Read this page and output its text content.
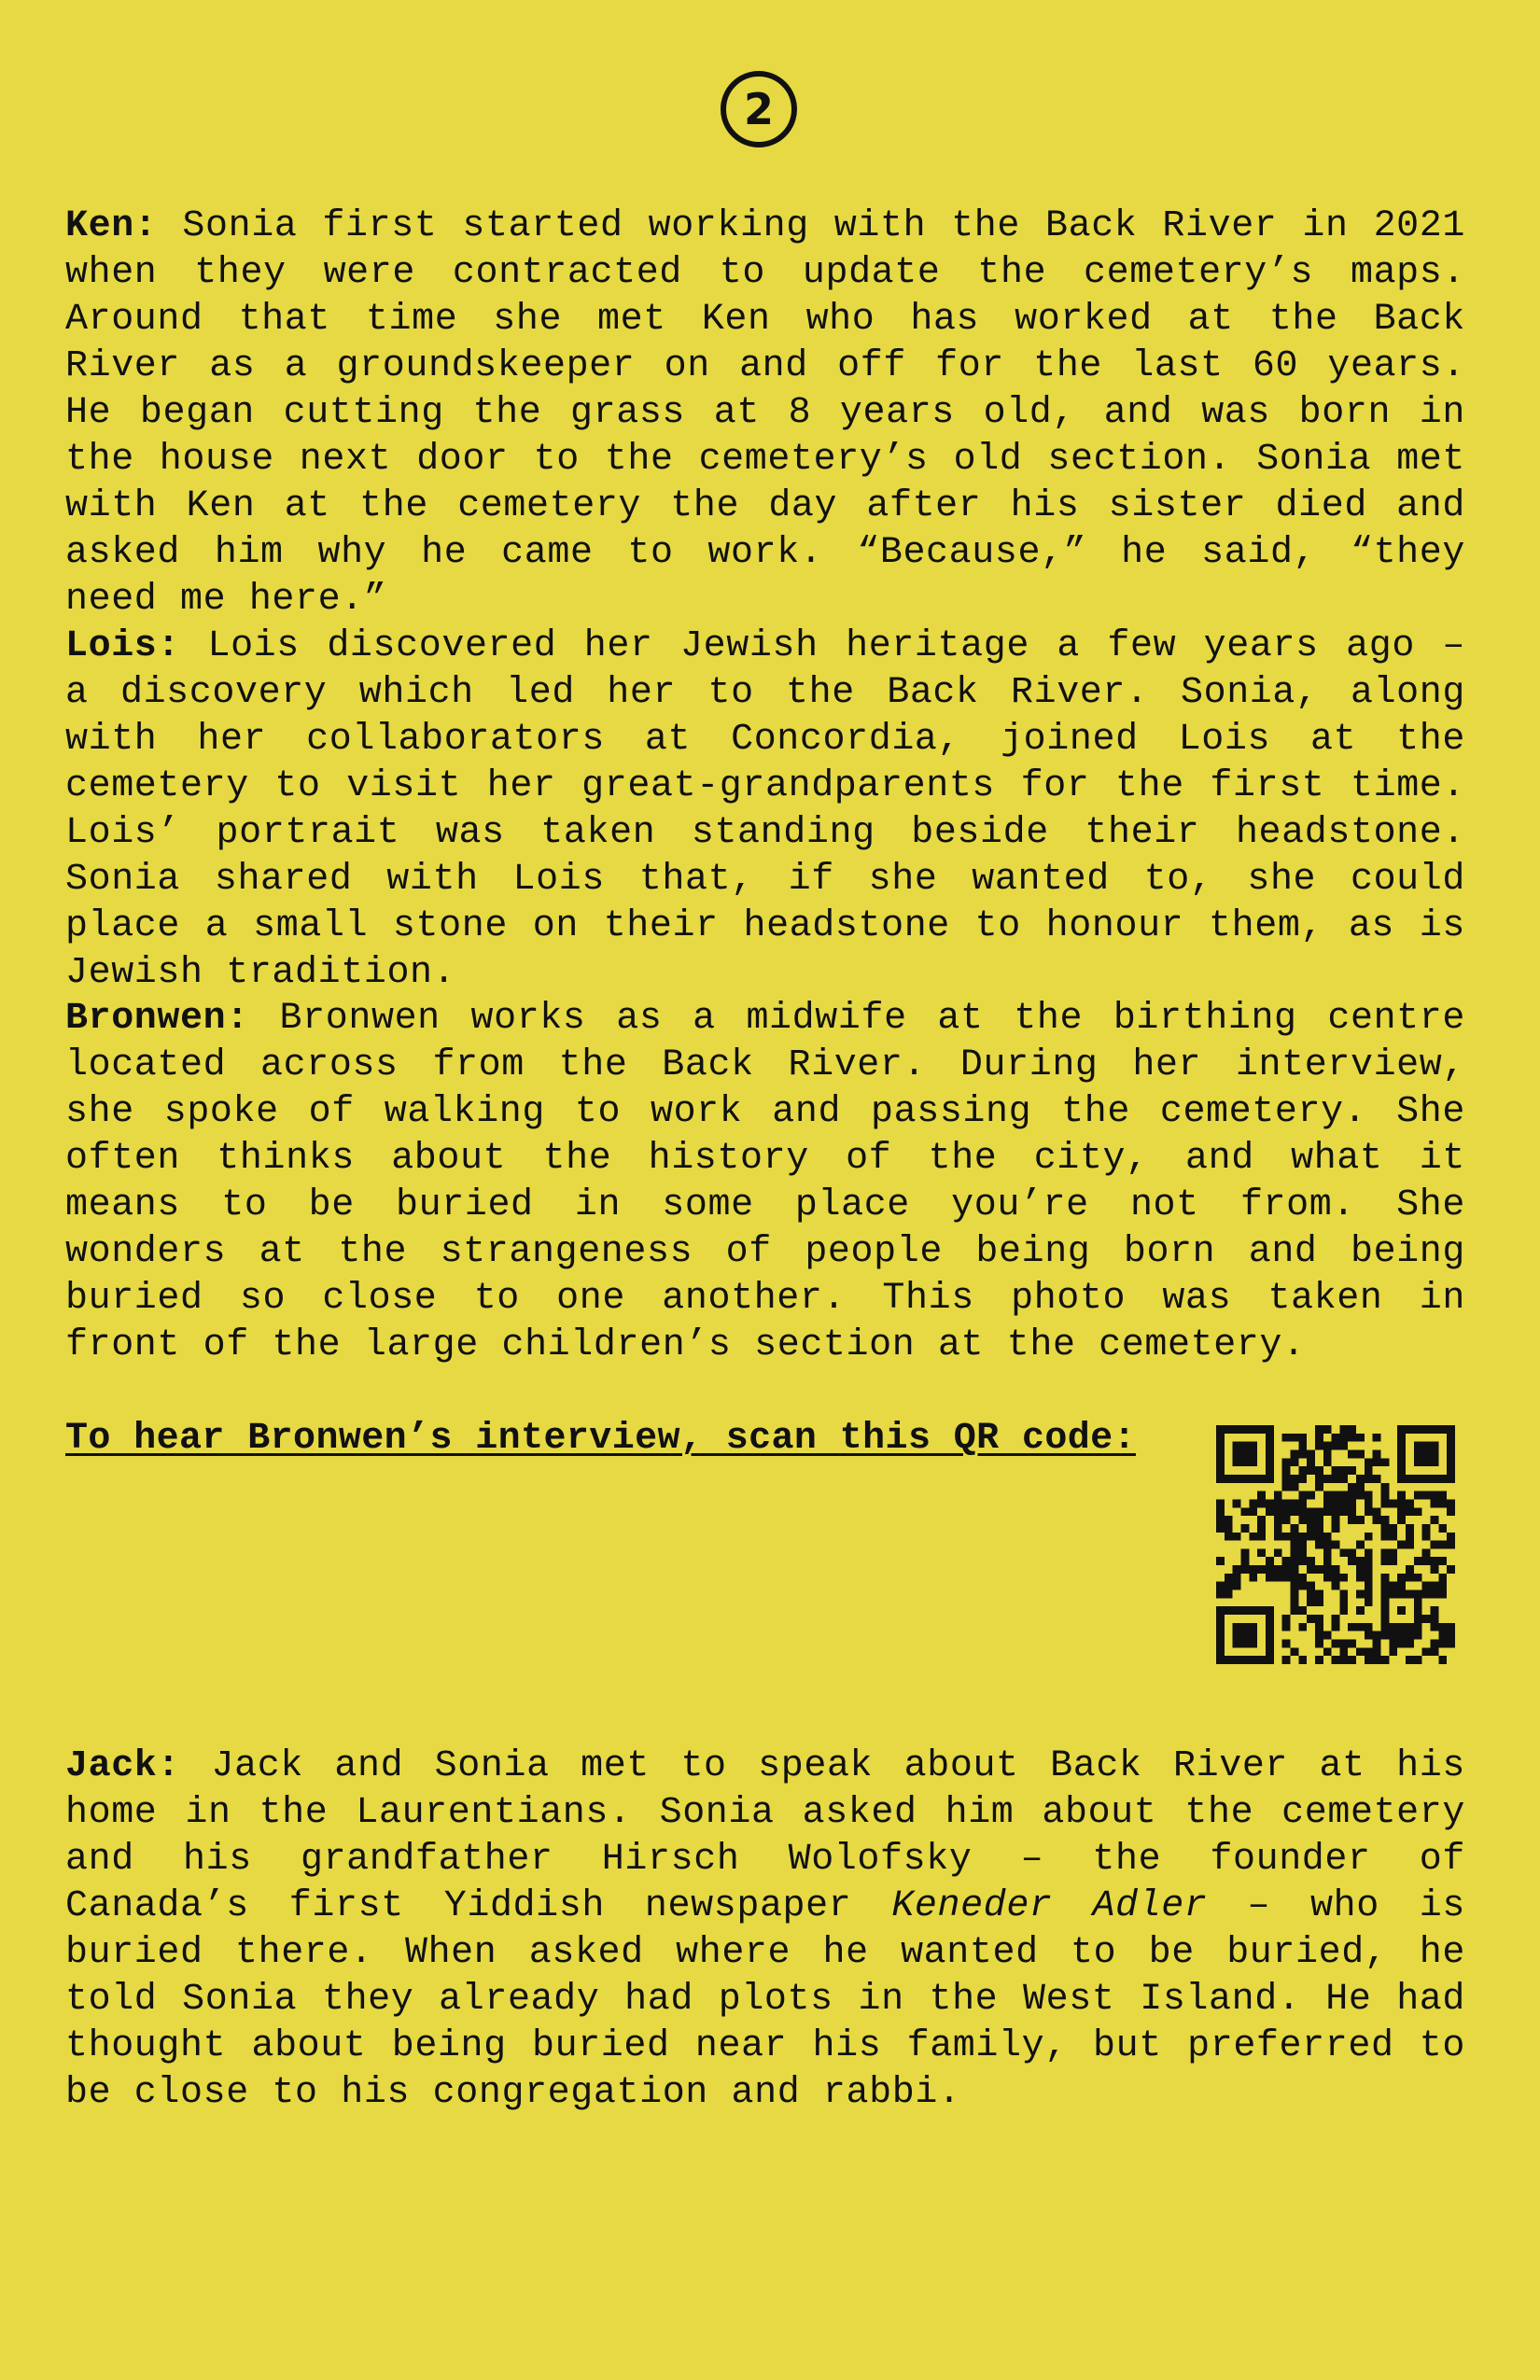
2

Ken: Sonia first started working with the Back River in 2021 when they were contracted to update the cemetery’s maps. Around that time she met Ken who has worked at the Back River as a groundskeeper on and off for the last 60 years. He began cutting the grass at 8 years old, and was born in the house next door to the cemetery’s old section. Sonia met with Ken at the cemetery the day after his sister died and asked him why he came to work. “Because,” he said, “they need me here.”

Lois: Lois discovered her Jewish heritage a few years ago – a discovery which led her to the Back River. Sonia, along with her collaborators at Concordia, joined Lois at the cemetery to visit her great-grandparents for the first time. Lois’ portrait was taken standing beside their headstone. Sonia shared with Lois that, if she wanted to, she could place a small stone on their headstone to honour them, as is Jewish tradition.

Bronwen: Bronwen works as a midwife at the birthing centre located across from the Back River. During her interview, she spoke of walking to work and passing the cemetery. She often thinks about the history of the city, and what it means to be buried in some place you’re not from. She wonders at the strangeness of people being born and being buried so close to one another. This photo was taken in front of the large children’s section at the cemetery.

To hear Bronwen’s interview, scan this QR code:

Jack: Jack and Sonia met to speak about Back River at his home in the Laurentians. Sonia asked him about the cemetery and his grandfather Hirsch Wolofsky – the founder of Canada’s first Yiddish newspaper Keneder Adler – who is buried there. When asked where he wanted to be buried, he told Sonia they already had plots in the West Island. He had thought about being buried near his family, but preferred to be close to his congregation and rabbi.
